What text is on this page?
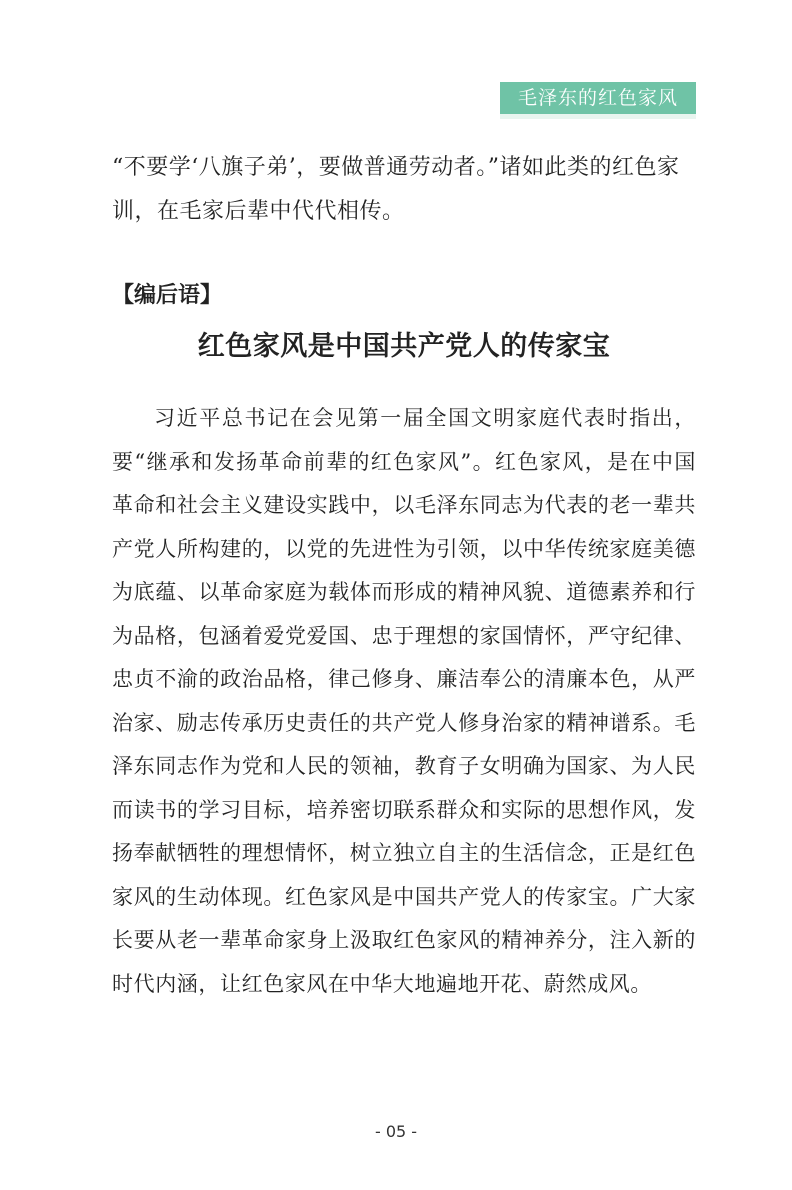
毛泽东的红色家风

“不要学‘八旗子弟’，要做普通劳动者。”诸如此类的红色家训，在毛家后辈中代代相传。

【编后语】

红色家风是中国共产党人的传家宝

习近平总书记在会见第一届全国文明家庭代表时指出，要“继承和发扬革命前辈的红色家风”。红色家风，是在中国革命和社会主义建设实践中，以毛泽东同志为代表的老一辈共产党人所构建的，以党的先进性为引领，以中华传统家庭美德为底蕴、以革命家庭为载体而形成的精神风貌、道德素养和行为品格，包涵着爱党爱国、忠于理想的家国情怀，严守纪律、忠贞不渝的政治品格，律己修身、廉洁奉公的清廉本色，从严治家、励志传承历史责任的共产党人修身治家的精神谱系。毛泽东同志作为党和人民的领袖，教育子女明确为国家、为人民而读书的学习目标，培养密切联系群众和实际的思想作风，发扬奉献牺牲的理想情怀，树立独立自主的生活信念，正是红色家风的生动体现。红色家风是中国共产党人的传家宝。广大家长要从老一辈革命家身上汲取红色家风的精神养分，注入新的时代内涵，让红色家风在中华大地遍地开花、蔚然成风。

- 05 -
